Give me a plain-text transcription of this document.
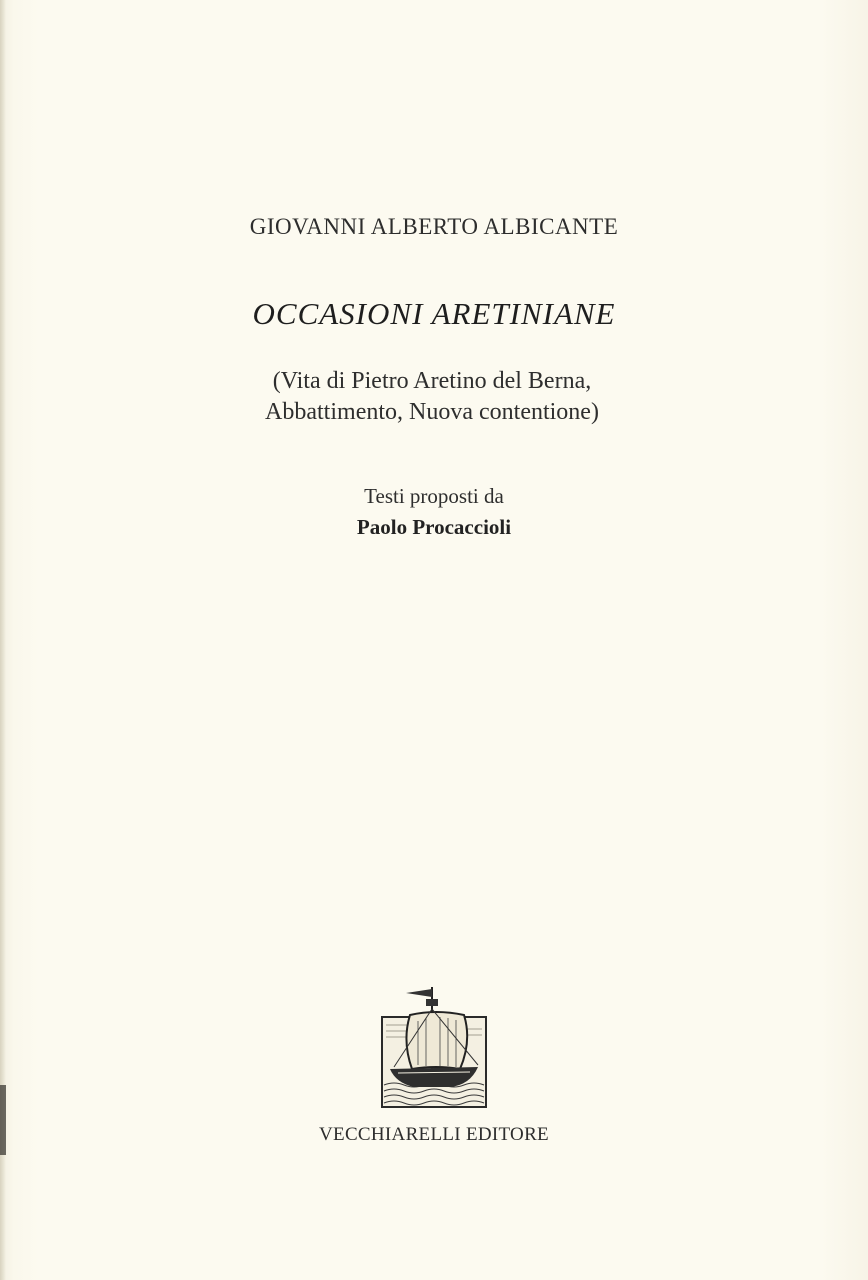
GIOVANNI ALBERTO ALBICANTE
OCCASIONI ARETINIANE
(Vita di Pietro Aretino del Berna,
Abbattimento, Nuova contentione)
Testi proposti da
Paolo Procaccioli
VECCHIARELLI EDITORE
